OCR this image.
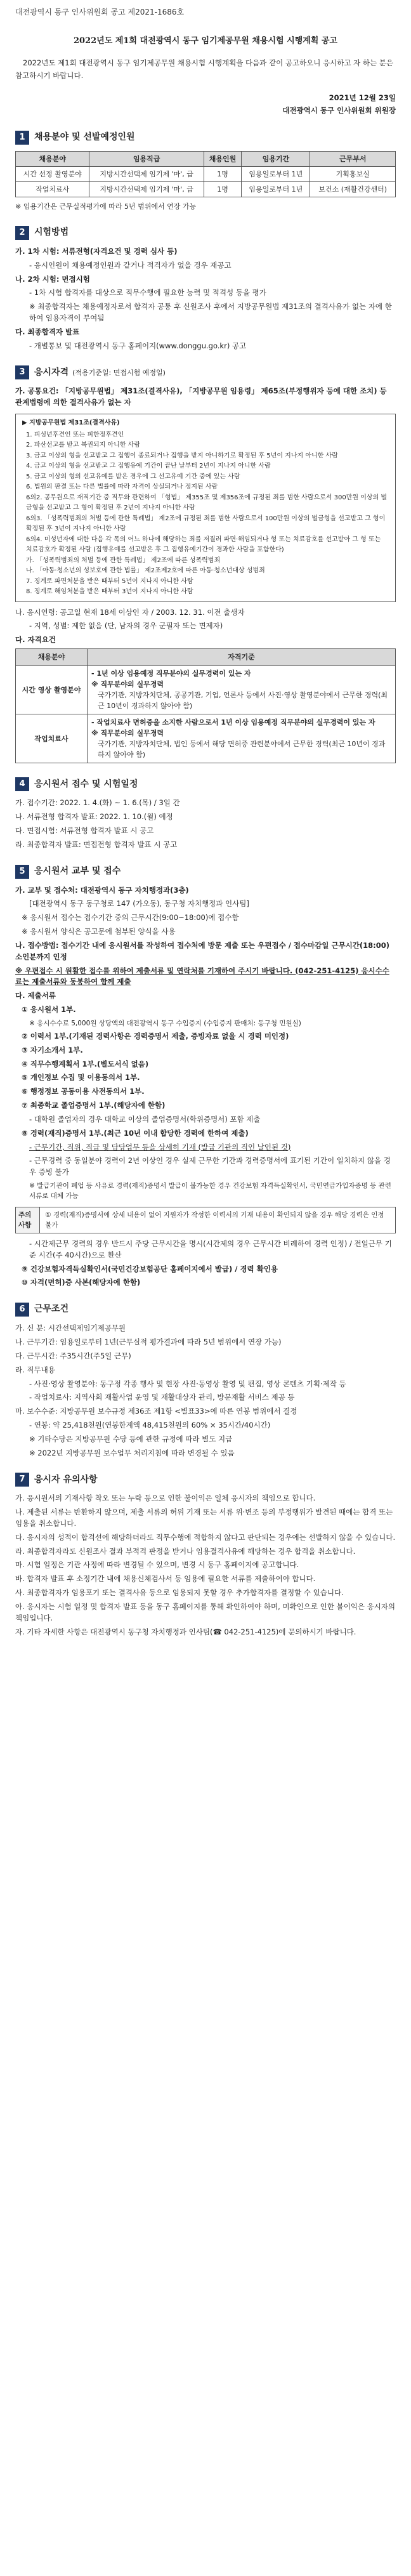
대전광역시 동구 인사위원회 공고 제2021-1686호
2022년도 제1회 대전광역시 동구 임기제공무원 채용시험 시행계획 공고

2022년도 제1회 대전광역시 동구 임기제공무원 채용시험 시행계획을 다음과 같이 공고하오니 응시하고 자 하는 분은 참고하시기 바랍니다.

2021년 12월 23일

대전광역시 동구 인사위원회 위원장

1	채용분야 및 선발예정인원
채용분야	임용직급	채용인원	임용기간	근무부서
시간 선정 촬영분야	지방시간선택제 임기제 '마', 급	1명	임용일로부터 1년	기획홍보실
작업치료사	지방시간선택제 임기제 '마', 급	1명	임용일로부터 1년	보건소 (재활건강센터)

※ 임용기간은 근무실적평가에 따라 5년 범위에서 연장 가능

2	시험방법

가. 1차 시험: 서류전형(자격요건 및 경력 심사 등)

- 응시인원이 채용예정인원과 같거나 적격자가 없을 경우 재공고

나. 2차 시험: 면접시험

- 1차 시험 합격자를 대상으로 직무수행에 필요한 능력 및 적격성 등을 평가

※ 최종합격자는 채용예정자로서 합격자 공통 후 신원조사 후에서 지방공무원법 제31조의 결격사유가 없는 자에 한하여 임용자격이 부여됨

다. 최종합격자 발표

- 개별통보 및 대전광역시 동구 홈페이지(www.donggu.go.kr) 공고

3	응시자격 (적용기준일: 면접시험 예정일)

가. 공통요건: 「지방공무원법」 제31조(결격사유), 「지방공무원 임용령」 제65조(부정행위자 등에 대한 조치) 등 관계법령에 의한 결격사유가 없는 자

▶ 지방공무원법 제31조(결격사유)
1. 피성년후견인 또는 피한정후견인
2. 파산선고를 받고 복권되지 아니한 사람
3. 금고 이상의 형을 선고받고 그 집행이 종료되거나 집행을 받지 아니하기로 확정된 후 5년이 지나지 아니한 사람
4. 금고 이상의 형을 선고받고 그 집행유예 기간이 끝난 날부터 2년이 지나지 아니한 사람
5. 금고 이상의 형의 선고유예를 받은 경우에 그 선고유예 기간 중에 있는 사람
6. 법원의 판결 또는 다른 법률에 따라 자격이 상실되거나 정지된 사람
6의2. 공무원으로 재직기간 중 직무와 관련하여 「형법」 제355조 및 제356조에 규정된 죄를 범한 사람으로서 300만원 이상의 벌금형을 선고받고 그 형이 확정된 후 2년이 지나지 아니한 사람
6의3. 「성폭력범죄의 처벌 등에 관한 특례법」 제2조에 규정된 죄를 범한 사람으로서 100만원 이상의 벌금형을 선고받고 그 형이 확정된 후 3년이 지나지 아니한 사람
6의4. 미성년자에 대한 다음 각 목의 어느 하나에 해당하는 죄를 저질러 파면·해임되거나 형 또는 치료감호를 선고받아 그 형 또는 치료감호가 확정된 사람 (집행유예를 선고받은 후 그 집행유예기간이 경과한 사람을 포함한다)
가. 「성폭력범죄의 처벌 등에 관한 특례법」 제2조에 따른 성폭력범죄
나. 「아동·청소년의 성보호에 관한 법률」 제2조제2호에 따른 아동·청소년대상 성범죄
7. 징계로 파면처분을 받은 때부터 5년이 지나지 아니한 사람
8. 징계로 해임처분을 받은 때부터 3년이 지나지 아니한 사람

나. 응시연령: 공고일 현재 18세 이상인 자 / 2003. 12. 31. 이전 출생자

- 지역, 성별: 제한 없음 (단, 남자의 경우 군필자 또는 면제자)

다. 자격요건

채용분야	자격기준
시간 영상 촬영분야	- 1년 이상 임용예정 직무분야의 실무경력이 있는 자
※ 직무분야의 실무경력
국가기관, 지방자치단체, 공공기관, 기업, 언론사 등에서 사진·영상 촬영분야에서 근무한 경력(최근 10년이 경과하지 않아야 함)

작업치료사	- 작업치료사 면허증을 소지한 사람으로서 1년 이상 임용예정 직무분야의 실무경력이 있는 자
※ 직무분야의 실무경력
국가기관, 지방자치단체, 법인 등에서 해당 면허증 관련분야에서 근무한 경력(최근 10년이 경과하지 않아야 함)
4	응시원서 접수 및 시험일정

가. 접수기간: 2022. 1. 4.(화) ~ 1. 6.(목) / 3일 간

나. 서류전형 합격자 발표: 2022. 1. 10.(월) 예정

다. 면접시험: 서류전형 합격자 발표 시 공고

라. 최종합격자 발표: 면접전형 합격자 발표 시 공고

5	응시원서 교부 및 접수

가. 교부 및 접수처: 대전광역시 동구 자치행정과(3층)

[대전광역시 동구 동구청로 147 (가오동), 동구청 자치행정과 인사팀]

※ 응시원서 접수는 접수기간 중의 근무시간(9:00~18:00)에 접수함

※ 응시원서 양식은 공고문에 첨부된 양식을 사용

나. 접수방법: 접수기간 내에 응시원서를 작성하여 접수처에 방문 제출 또는 우편접수 / 접수마감일 근무시간(18:00) 소인분까지 인정

※ 우편접수 시 원활한 접수를 위하여 제출서류 및 연락처를 기재하여 주시기 바랍니다. (042-251-4125) 응시수수료는 제출서류와 동봉하여 함께 제출

다. 제출서류

① 응시원서 1부.

※ 응시수수료 5,000원 상당액의 대전광역시 동구 수입증지 (수입증지 판매처: 동구청 민원실)

② 이력서 1부.(기재된 경력사항은 경력증명서 제출, 증빙자료 없을 시 경력 미인정)

③ 자기소개서 1부.

④ 직무수행계획서 1부.(별도서식 없음)

⑤ 개인정보 수집 및 이용동의서 1부.

⑥ 행정정보 공동이용 사전동의서 1부.

⑦ 최종학교 졸업증명서 1부.(해당자에 한함)

- 대학원 졸업자의 경우 대학교 이상의 졸업증명서(학위증명서) 포함 제출

⑧ 경력(재직)증명서 1부.(최근 10년 이내 합당한 경력에 한하여 제출)

- 근무기간, 직위, 직급 및 담당업무 등을 상세히 기재 (발급 기관의 직인 날인된 것)

- 근무경력 중 동일분야 경력이 2년 이상인 경우 실제 근무한 기간과 경력증명서에 표기된 기간이 일치하지 않을 경우 증빙 불가

※ 발급기관이 폐업 등 사유로 경력(재직)증명서 발급이 불가능한 경우 건강보험 자격득실확인서, 국민연금가입자증명 등 관련 서류로 대체 가능

주의 사항
① 경력(재직)증명서에 상세 내용이 없어 지원자가 작성한 이력서의 기재 내용이 확인되지 않을 경우 해당 경력은 인정 불가

- 시간제근무 경력의 경우 반드시 주당 근무시간을 명시(시간제의 경우 근무시간 비례하여 경력 인정) / 전일근무 기준 시간(주 40시간)으로 환산

⑨ 건강보험자격득실확인서(국민건강보험공단 홈페이지에서 발급) / 경력 확인용

⑩ 자격(면허)증 사본(해당자에 한함)

6	근무조건

가. 신 분: 시간선택제임기제공무원

나. 근무기간: 임용일로부터 1년(근무실적 평가결과에 따라 5년 범위에서 연장 가능)

다. 근무시간: 주35시간(주5일 근무)

라. 직무내용

- 사진·영상 촬영분야: 동구정 각종 행사 및 현장 사진·동영상 촬영 및 편집, 영상 콘텐츠 기획·제작 등

- 작업치료사: 지역사회 재활사업 운영 및 재활대상자 관리, 방문재활 서비스 제공 등

마. 보수수준: 지방공무원 보수규정 제36조 제1항 <별표33>에 따른 연봉 범위에서 결정

- 연봉: 약 25,418천원(연봉한계액 48,415천원의 60% × 35시간/40시간)

※ 기타수당은 지방공무원 수당 등에 관한 규정에 따라 별도 지급

※ 2022년 지방공무원 보수업무 처리지침에 따라 변경될 수 있음

7	응시자 유의사항

가. 응시원서의 기재사항 착오 또는 누락 등으로 인한 불이익은 일체 응시자의 책임으로 합니다.

나. 제출된 서류는 반환하지 않으며, 제출 서류의 허위 기재 또는 서류 위·변조 등의 부정행위가 발견된 때에는 합격 또는 임용을 취소합니다.

다. 응시자의 성적이 합격선에 해당하더라도 직무수행에 적합하지 않다고 판단되는 경우에는 선발하지 않을 수 있습니다.

라. 최종합격자라도 신원조사 결과 부적격 판정을 받거나 임용결격사유에 해당하는 경우 합격을 취소합니다.

마. 시험 일정은 기관 사정에 따라 변경될 수 있으며, 변경 시 동구 홈페이지에 공고합니다.

바. 합격자 발표 후 소정기간 내에 채용신체검사서 등 임용에 필요한 서류를 제출하여야 합니다.

사. 최종합격자가 임용포기 또는 결격사유 등으로 임용되지 못할 경우 추가합격자를 결정할 수 있습니다.

아. 응시자는 시험 일정 및 합격자 발표 등을 동구 홈페이지를 통해 확인하여야 하며, 미확인으로 인한 불이익은 응시자의 책임입니다.

자. 기타 자세한 사항은 대전광역시 동구청 자치행정과 인사팀(☎ 042-251-4125)에 문의하시기 바랍니다.
